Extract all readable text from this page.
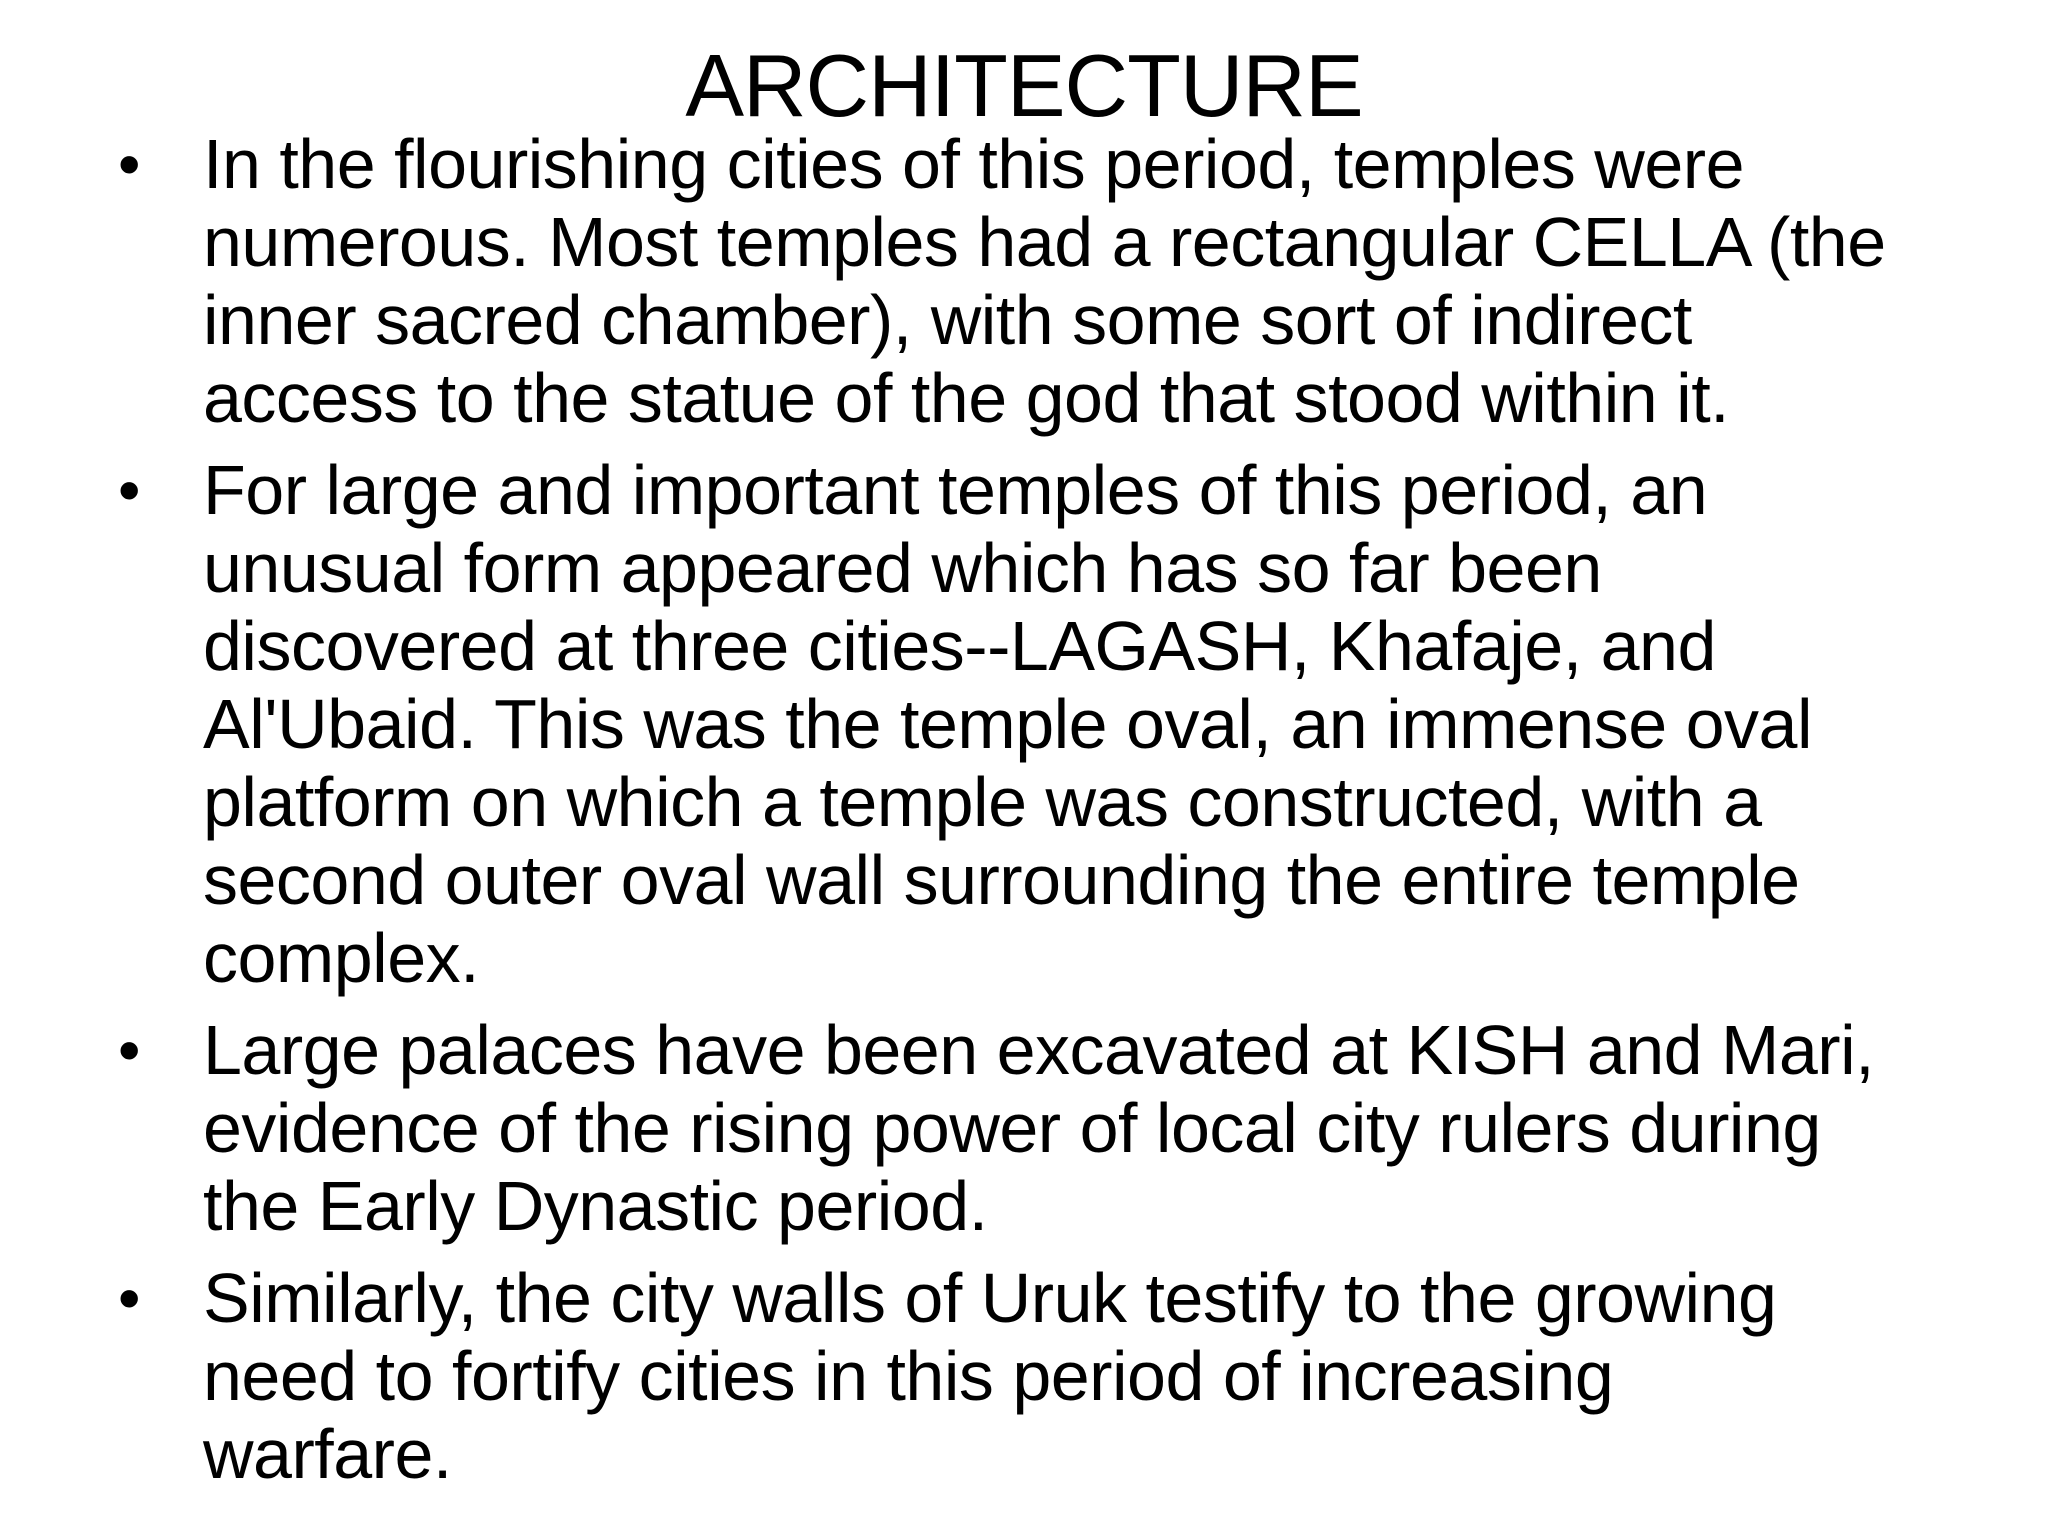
ARCHITECTURE
• In the flourishing cities of this period, temples were
numerous. Most temples had a rectangular CELLA (the
inner sacred chamber), with some sort of indirect
access to the statue of the god that stood within it.
• For large and important temples of this period, an
unusual form appeared which has so far been
discovered at three cities--LAGASH, Khafaje, and
Al'Ubaid. This was the temple oval, an immense oval
platform on which a temple was constructed, with a
second outer oval wall surrounding the entire temple
complex.
• Large palaces have been excavated at KISH and Mari,
evidence of the rising power of local city rulers during
the Early Dynastic period.
• Similarly, the city walls of Uruk testify to the growing
need to fortify cities in this period of increasing
warfare.
